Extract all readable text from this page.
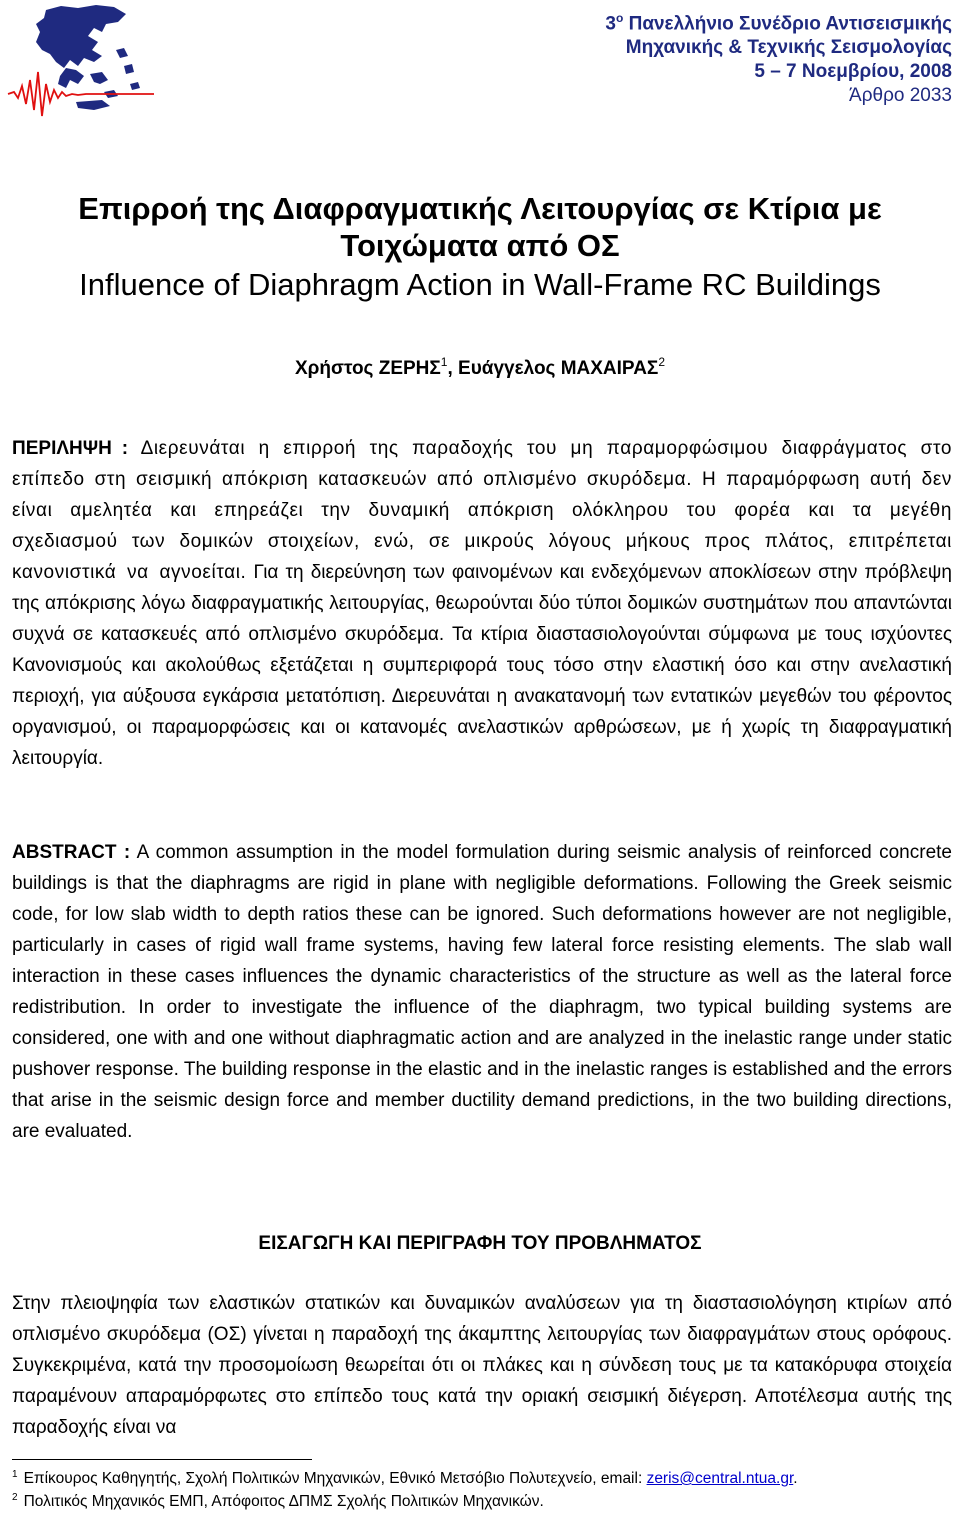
$3^o$ Πανελλήνιο Συνέδριο Αντισεισμικής
Μηχανικής & Τεχνικής Σεισμολογίας
5 – 7 Νοεμβρίου, 2008
Άρθρο 2033
Επιρροή της Διαφραγματικής Λειτουργίας σε Κτίρια με
Τοιχώματα από ΟΣ
Influence of Diaphragm Action in Wall-Frame RC Buildings
Χρήστος ΖΕΡΗΣ$^1$, Ευάγγελος ΜΑΧΑΙΡΑΣ$^2$
ΠΕΡΙΛΗΨΗ : Διερευνάται η επιρροή της παραδοχής του μη παραμορφώσιμου διαφράγματος στο επίπεδο στη σεισμική απόκριση κατασκευών από οπλισμένο σκυρόδεμα. Η παραμόρφωση αυτή δεν είναι αμελητέα και επηρεάζει την δυναμική απόκριση ολόκληρου του φορέα και τα μεγέθη σχεδιασμού των δομικών στοιχείων, ενώ, σε μικρούς λόγους μήκους προς πλάτος, επιτρέπεται κανονιστικά να αγνοείται. Για τη διερεύνηση των φαινομένων και ενδεχόμενων αποκλίσεων στην πρόβλεψη της απόκρισης λόγω διαφραγματικής λειτουργίας, θεωρούνται δύο τύποι δομικών συστημάτων που απαντώνται συχνά σε κατασκευές από οπλισμένο σκυρόδεμα. Τα κτίρια διαστασιολογούνται σύμφωνα με τους ισχύοντες Κανονισμούς και ακολούθως εξετάζεται η συμπεριφορά τους τόσο στην ελαστική όσο και στην ανελαστική περιοχή, για αύξουσα εγκάρσια μετατόπιση. Διερευνάται η ανακατανομή των εντατικών μεγεθών του φέροντος οργανισμού, οι παραμορφώσεις και οι κατανομές ανελαστικών αρθρώσεων, με ή χωρίς τη διαφραγματική λειτουργία.
ABSTRACT : A common assumption in the model formulation during seismic analysis of reinforced concrete buildings is that the diaphragms are rigid in plane with negligible deformations. Following the Greek seismic code, for low slab width to depth ratios these can be ignored. Such deformations however are not negligible, particularly in cases of rigid wall frame systems, having few lateral force resisting elements. The slab wall interaction in these cases influences the dynamic characteristics of the structure as well as the lateral force redistribution. In order to investigate the influence of the diaphragm, two typical building systems are considered, one with and one without diaphragmatic action and are analyzed in the inelastic range under static pushover response. The building response in the elastic and in the inelastic ranges is established and the errors that arise in the seismic design force and member ductility demand predictions, in the two building directions, are evaluated.
ΕΙΣΑΓΩΓΗ ΚΑΙ ΠΕΡΙΓΡΑΦΗ ΤΟΥ ΠΡΟΒΛΗΜΑΤΟΣ
Στην πλειοψηφία των ελαστικών στατικών και δυναμικών αναλύσεων για τη διαστασιολόγηση κτιρίων από οπλισμένο σκυρόδεμα (ΟΣ) γίνεται η παραδοχή της άκαμπτης λειτουργίας των διαφραγμάτων στους ορόφους. Συγκεκριμένα, κατά την προσομοίωση θεωρείται ότι οι πλάκες και η σύνδεση τους με τα κατακόρυφα στοιχεία παραμένουν απαραμόρφωτες στο επίπεδο τους κατά την οριακή σεισμική διέγερση. Αποτέλεσμα αυτής της παραδοχής είναι να
$^1$ Επίκουρος Καθηγητής, Σχολή Πολιτικών Μηχανικών, Εθνικό Μετσόβιο Πολυτεχνείο, email: zeris@central.ntua.gr.
$^2$ Πολιτικός Μηχανικός ΕΜΠ, Απόφοιτος ΔΠΜΣ Σχολής Πολιτικών Μηχανικών.
